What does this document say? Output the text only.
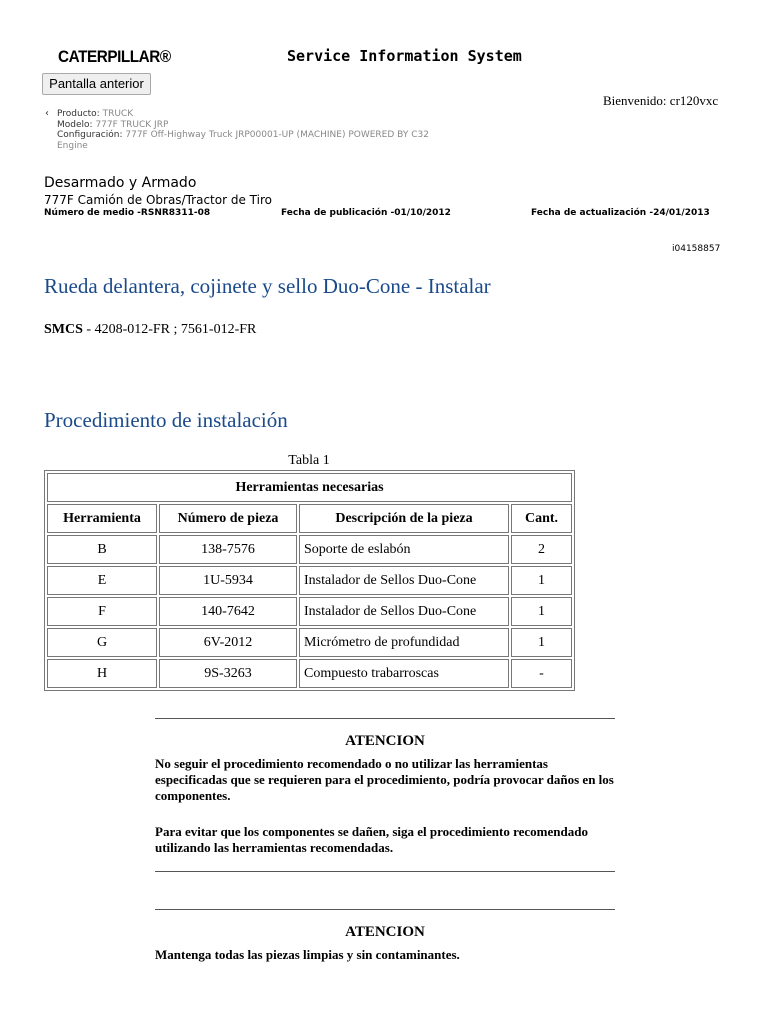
CATERPILLAR®	Service Information System
Pantalla anterior
Bienvenido: cr120vxc
‹ Producto: TRUCK
Modelo: 777F TRUCK JRP
Configuración: 777F Off-Highway Truck JRP00001-UP (MACHINE) POWERED BY C32 Engine
Desarmado y Armado
777F Camión de Obras/Tractor de Tiro
Número de medio -RSNR8311-08	Fecha de publicación -01/10/2012	Fecha de actualización -24/01/2013
i04158857
Rueda delantera, cojinete y sello Duo-Cone - Instalar
SMCS - 4208-012-FR ; 7561-012-FR
Procedimiento de instalación
Tabla 1
Herramientas necesarias			
Herramienta	Número de pieza	Descripción de la pieza	Cant.
B	138-7576	Soporte de eslabón	2
E	1U-5934	Instalador de Sellos Duo-Cone	1
F	140-7642	Instalador de Sellos Duo-Cone	1
G	6V-2012	Micrómetro de profundidad	1
H	9S-3263	Compuesto trabarroscas	-
ATENCION
No seguir el procedimiento recomendado o no utilizar las herramientas especificadas que se requieren para el procedimiento, podría provocar daños en los componentes.
Para evitar que los componentes se dañen, siga el procedimiento recomendado utilizando las herramientas recomendadas.
ATENCION
Mantenga todas las piezas limpias y sin contaminantes.
